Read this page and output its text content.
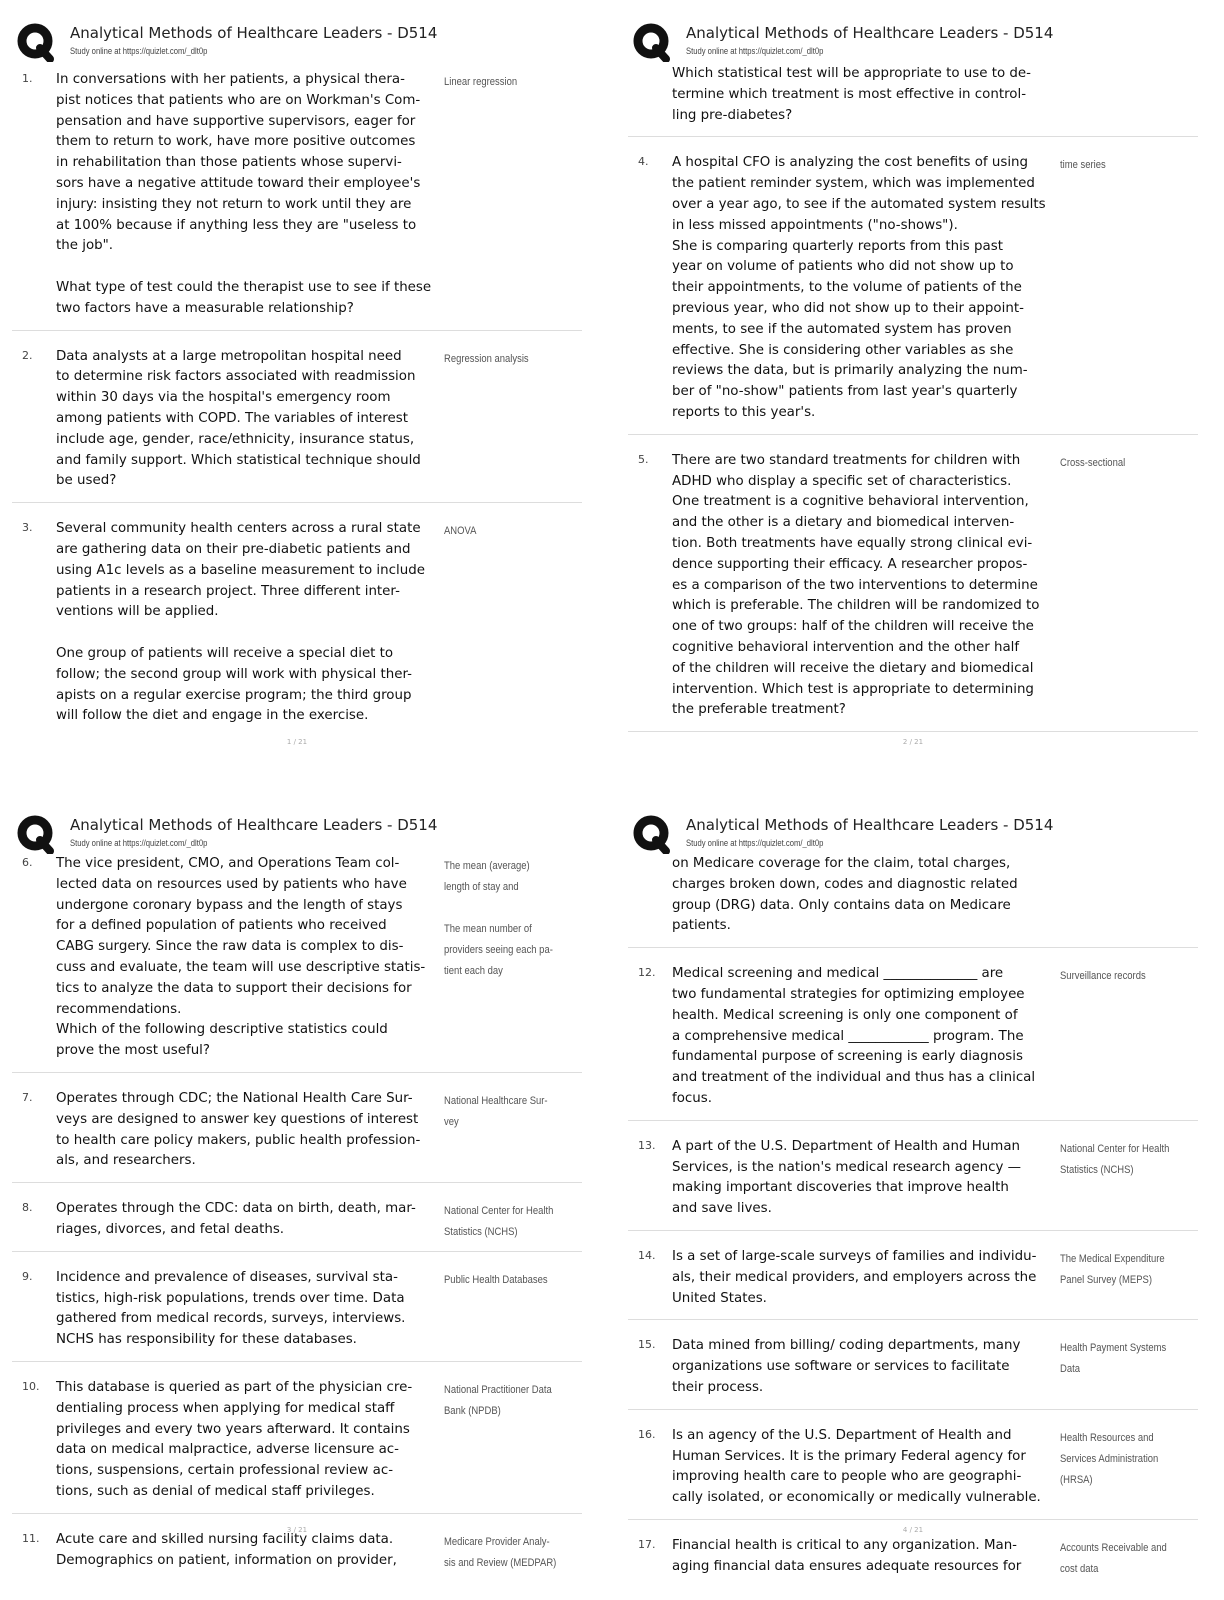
Analytical Methods of Healthcare Leaders - D514
Study online at https://quizlet.com/_dlt0p
1. In conversations with her patients, a physical thera-
pist notices that patients who are on Workman's Com-
pensation and have supportive supervisors, eager for
them to return to work, have more positive outcomes
in rehabilitation than those patients whose supervi-
sors have a negative attitude toward their employee's
injury: insisting they not return to work until they are
at 100% because if anything less they are "useless to
the job".

What type of test could the therapist use to see if these
two factors have a measurable relationship?
Linear regression
2. Data analysts at a large metropolitan hospital need
to determine risk factors associated with readmission
within 30 days via the hospital's emergency room
among patients with COPD. The variables of interest
include age, gender, race/ethnicity, insurance status,
and family support. Which statistical technique should
be used?
Regression analysis
3. Several community health centers across a rural state
are gathering data on their pre-diabetic patients and
using A1c levels as a baseline measurement to include
patients in a research project. Three different inter-
ventions will be applied.

One group of patients will receive a special diet to
follow; the second group will work with physical ther-
apists on a regular exercise program; the third group
will follow the diet and engage in the exercise.
ANOVA
1 / 21
Analytical Methods of Healthcare Leaders - D514
Study online at https://quizlet.com/_dlt0p
Which statistical test will be appropriate to use to de-
termine which treatment is most effective in control-
ling pre-diabetes?
4. A hospital CFO is analyzing the cost benefits of using
the patient reminder system, which was implemented
over a year ago, to see if the automated system results
in less missed appointments ("no-shows").
She is comparing quarterly reports from this past
year on volume of patients who did not show up to
their appointments, to the volume of patients of the
previous year, who did not show up to their appoint-
ments, to see if the automated system has proven
effective. She is considering other variables as she
reviews the data, but is primarily analyzing the num-
ber of "no-show" patients from last year's quarterly
reports to this year's.
time series
5. There are two standard treatments for children with
ADHD who display a specific set of characteristics.
One treatment is a cognitive behavioral intervention,
and the other is a dietary and biomedical interven-
tion. Both treatments have equally strong clinical evi-
dence supporting their efficacy. A researcher propos-
es a comparison of the two interventions to determine
which is preferable. The children will be randomized to
one of two groups: half of the children will receive the
cognitive behavioral intervention and the other half
of the children will receive the dietary and biomedical
intervention. Which test is appropriate to determining
the preferable treatment?
Cross-sectional
2 / 21
Analytical Methods of Healthcare Leaders - D514
Study online at https://quizlet.com/_dlt0p
6. The vice president, CMO, and Operations Team col-
lected data on resources used by patients who have
undergone coronary bypass and the length of stays
for a defined population of patients who received
CABG surgery. Since the raw data is complex to dis-
cuss and evaluate, the team will use descriptive statis-
tics to analyze the data to support their decisions for
recommendations.
Which of the following descriptive statistics could
prove the most useful?
The mean (average)
length of stay and

The mean number of
providers seeing each pa-
tient each day
7. Operates through CDC; the National Health Care Sur-
veys are designed to answer key questions of interest
to health care policy makers, public health profession-
als, and researchers.
National Healthcare Sur-
vey
8. Operates through the CDC: data on birth, death, mar-
riages, divorces, and fetal deaths.
National Center for Health
Statistics (NCHS)
9. Incidence and prevalence of diseases, survival sta-
tistics, high-risk populations, trends over time. Data
gathered from medical records, surveys, interviews.
NCHS has responsibility for these databases.
Public Health Databases
10. This database is queried as part of the physician cre-
dentialing process when applying for medical staff
privileges and every two years afterward. It contains
data on medical malpractice, adverse licensure ac-
tions, suspensions, certain professional review ac-
tions, such as denial of medical staff privileges.
National Practitioner Data
Bank (NPDB)
11. Acute care and skilled nursing facility claims data.
Demographics on patient, information on provider,
Medicare Provider Analy-
sis and Review (MEDPAR)
3 / 21
Analytical Methods of Healthcare Leaders - D514
Study online at https://quizlet.com/_dlt0p
on Medicare coverage for the claim, total charges,
charges broken down, codes and diagnostic related
group (DRG) data. Only contains data on Medicare
patients.
12. Medical screening and medical ______________ are
two fundamental strategies for optimizing employee
health. Medical screening is only one component of
a comprehensive medical ____________ program. The
fundamental purpose of screening is early diagnosis
and treatment of the individual and thus has a clinical
focus.
Surveillance records
13. A part of the U.S. Department of Health and Human
Services, is the nation's medical research agency —
making important discoveries that improve health
and save lives.
National Center for Health
Statistics (NCHS)
14. Is a set of large-scale surveys of families and individu-
als, their medical providers, and employers across the
United States.
The Medical Expenditure
Panel Survey (MEPS)
15. Data mined from billing/ coding departments, many
organizations use software or services to facilitate
their process.
Health Payment Systems
Data
16. Is an agency of the U.S. Department of Health and
Human Services. It is the primary Federal agency for
improving health care to people who are geographi-
cally isolated, or economically or medically vulnerable.
Health Resources and
Services Administration
(HRSA)
17. Financial health is critical to any organization. Man-
aging financial data ensures adequate resources for
Accounts Receivable and
cost data
4 / 21
